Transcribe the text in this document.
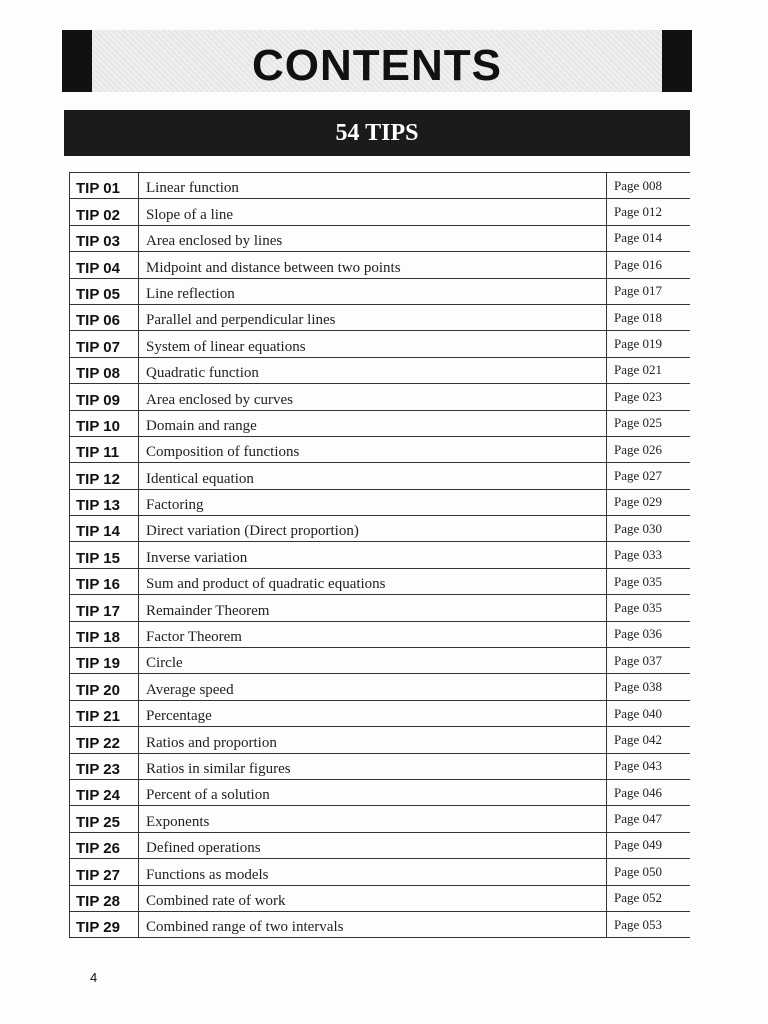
CONTENTS
54 TIPS
TIP 01	Linear function	Page 008
TIP 02	Slope of a line	Page 012
TIP 03	Area enclosed by lines	Page 014
TIP 04	Midpoint and distance between two points	Page 016
TIP 05	Line reflection	Page 017
TIP 06	Parallel and perpendicular lines	Page 018
TIP 07	System of linear equations	Page 019
TIP 08	Quadratic function	Page 021
TIP 09	Area enclosed by curves	Page 023
TIP 10	Domain and range	Page 025
TIP 11	Composition of functions	Page 026
TIP 12	Identical equation	Page 027
TIP 13	Factoring	Page 029
TIP 14	Direct variation (Direct proportion)	Page 030
TIP 15	Inverse variation	Page 033
TIP 16	Sum and product of quadratic equations	Page 035
TIP 17	Remainder Theorem	Page 035
TIP 18	Factor Theorem	Page 036
TIP 19	Circle	Page 037
TIP 20	Average speed	Page 038
TIP 21	Percentage	Page 040
TIP 22	Ratios and proportion	Page 042
TIP 23	Ratios in similar figures	Page 043
TIP 24	Percent of a solution	Page 046
TIP 25	Exponents	Page 047
TIP 26	Defined operations	Page 049
TIP 27	Functions as models	Page 050
TIP 28	Combined rate of work	Page 052
TIP 29	Combined range of two intervals	Page 053
4
